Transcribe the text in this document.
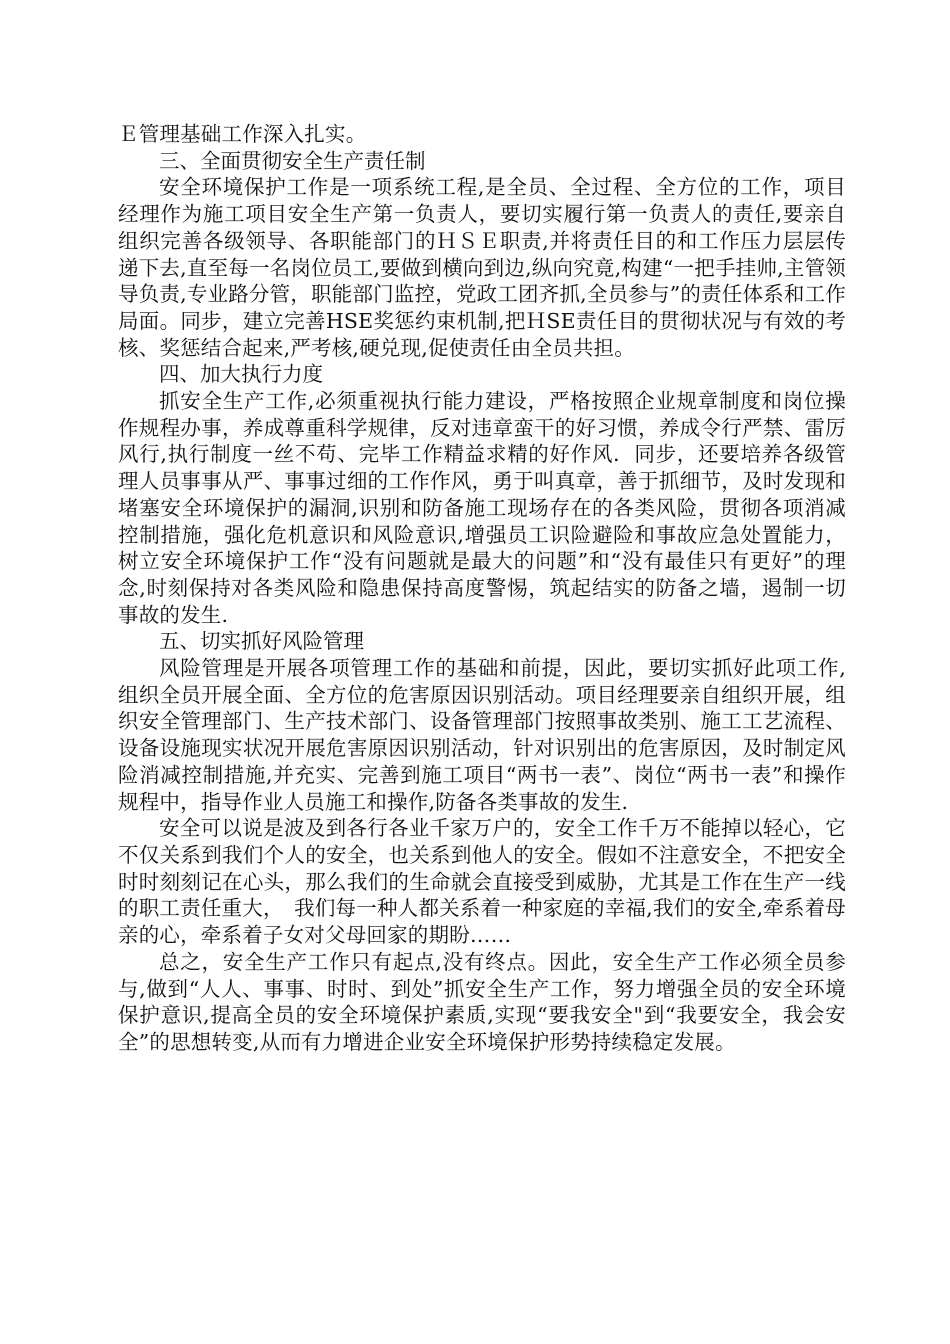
Ｅ管理基础工作深入扎实。

三、全面贯彻安全生产责任制

安全环境保护工作是一项系统工程,是全员、全过程、全方位的工作，项目经理作为施工项目安全生产第一负责人，要切实履行第一负责人的责任,要亲自组织完善各级领导、各职能部门的ＨＳＥ职责,并将责任目的和工作压力层层传递下去,直至每一名岗位员工,要做到横向到边,纵向究竟,构建“一把手挂帅,主管领导负责,专业路分管，职能部门监控，党政工团齐抓,全员参与”的责任体系和工作局面。同步，建立完善HSE奖惩约束机制,把ＨSE责任目的贯彻状况与有效的考核、奖惩结合起来,严考核,硬兑现,促使责任由全员共担。

四、加大执行力度

抓安全生产工作,必须重视执行能力建设，严格按照企业规章制度和岗位操作规程办事，养成尊重科学规律，反对违章蛮干的好习惯，养成令行严禁、雷厉风行,执行制度一丝不苟、完毕工作精益求精的好作风．同步，还要培养各级管理人员事事从严、事事过细的工作作风，勇于叫真章，善于抓细节，及时发现和堵塞安全环境保护的漏洞,识别和防备施工现场存在的各类风险，贯彻各项消减控制措施，强化危机意识和风险意识,增强员工识险避险和事故应急处置能力，树立安全环境保护工作“没有问题就是最大的问题”和“没有最佳只有更好”的理念,时刻保持对各类风险和隐患保持高度警惕，筑起结实的防备之墙，遏制一切事故的发生.

五、切实抓好风险管理

风险管理是开展各项管理工作的基础和前提，因此，要切实抓好此项工作,组织全员开展全面、全方位的危害原因识别活动。项目经理要亲自组织开展，组织安全管理部门、生产技术部门、设备管理部门按照事故类别、施工工艺流程、设备设施现实状况开展危害原因识别活动，针对识别出的危害原因，及时制定风险消减控制措施,并充实、完善到施工项目“两书一表”、岗位“两书一表”和操作规程中，指导作业人员施工和操作,防备各类事故的发生.

安全可以说是波及到各行各业千家万户的，安全工作千万不能掉以轻心，它不仅关系到我们个人的安全，也关系到他人的安全。假如不注意安全，不把安全时时刻刻记在心头，那么我们的生命就会直接受到威胁，尤其是工作在生产一线的职工责任重大，　我们每一种人都关系着一种家庭的幸福,我们的安全,牵系着母亲的心，牵系着子女对父母回家的期盼……

总之，安全生产工作只有起点,没有终点。因此，安全生产工作必须全员参与,做到“人人、事事、时时、到处”抓安全生产工作，努力增强全员的安全环境保护意识,提高全员的安全环境保护素质,实现“要我安全"到“我要安全，我会安全”的思想转变,从而有力增进企业安全环境保护形势持续稳定发展。
